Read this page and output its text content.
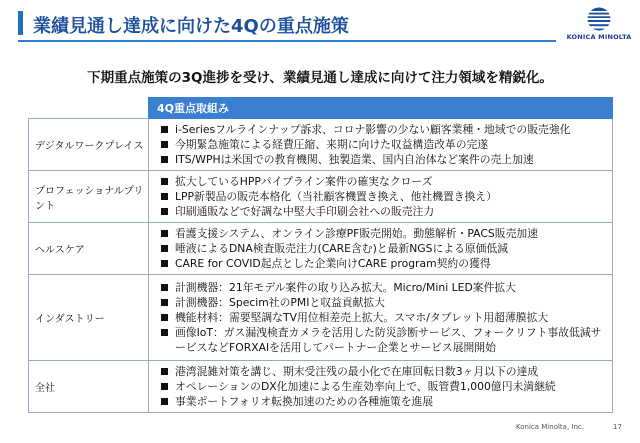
業績見通し達成に向けた4Qの重点施策	KONICA MINOLTA
下期重点施策の3Q進捗を受け、業績見通し達成に向けて注力領域を精鋭化。
	4Q重点取組み
デジタルワークプレイス	i-Seriesフルラインナップ訴求、コロナ影響の少ない顧客業種・地域での販売強化
今期緊急施策による経費圧縮、来期に向けた収益構造改革の完遂
ITS/WPHは米国での教育機関、独製造業、国内自治体など案件の売上加速

プロフェッショナルプリント	拡大しているHPPパイプライン案件の確実なクローズ
LPP新製品の販売本格化（当社顧客機置き換え、他社機置き換え）
印刷通販などで好調な中堅大手印刷会社への販売注力

ヘルスケア	看護支援システム、オンライン診療PF販売開始。動態解析・PACS販売加速
唾液によるDNA検査販売注力(CARE含む)と最新NGSによる原価低減
CARE for COVID起点とした企業向けCARE program契約の獲得

インダストリー	計測機器：21年モデル案件の取り込み拡大。Micro/Mini LED案件拡大
計測機器：Specim社のPMIと収益貢献拡大
機能材料：需要堅調なTV用位相差売上拡大。スマホ/タブレット用超薄膜拡大
画像IoT：ガス漏洩検査カメラを活用した防災診断サービス、フォークリフト事故低減サービスなどFORXAIを活用してパートナー企業とサービス展開開始

全社	港湾混雑対策を講じ、期末受注残の最小化で在庫回転日数3ヶ月以下の達成
オペレーションのDX化加速による生産効率向上で、販管費1,000億円未満継続
事業ポートフォリオ転換加速のための各種施策を進展
Konica Minolta, Inc.	17
